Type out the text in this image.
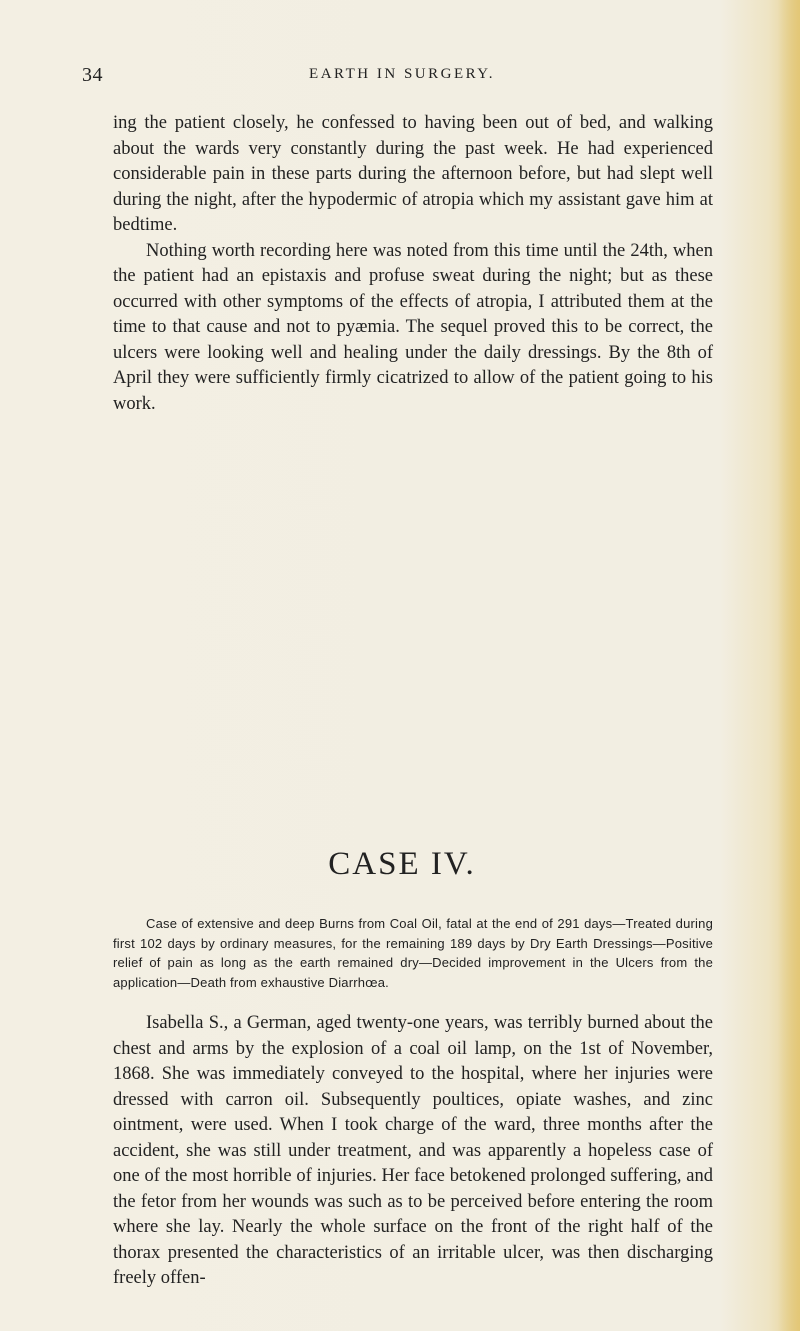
34	EARTH IN SURGERY.

ing the patient closely, he confessed to having been out of bed, and walking about the wards very constantly during the past week. He had experienced considerable pain in these parts during the afternoon before, but had slept well during the night, after the hypodermic of atropia which my assistant gave him at bedtime.

Nothing worth recording here was noted from this time until the 24th, when the patient had an epistaxis and profuse sweat during the night; but as these occurred with other symptoms of the effects of atropia, I attributed them at the time to that cause and not to pyæmia. The sequel proved this to be correct, the ulcers were looking well and healing under the daily dressings. By the 8th of April they were sufficiently firmly cicatrized to allow of the patient going to his work.

CASE IV.

Case of extensive and deep Burns from Coal Oil, fatal at the end of 291 days—Treated during first 102 days by ordinary measures, for the remaining 189 days by Dry Earth Dressings—Positive relief of pain as long as the earth remained dry—Decided improvement in the Ulcers from the application—Death from exhaustive Diarrhœa.

Isabella S., a German, aged twenty-one years, was terribly burned about the chest and arms by the explosion of a coal oil lamp, on the 1st of November, 1868. She was immediately conveyed to the hospital, where her injuries were dressed with carron oil. Subsequently poultices, opiate washes, and zinc ointment, were used. When I took charge of the ward, three months after the accident, she was still under treatment, and was apparently a hopeless case of one of the most horrible of injuries. Her face betokened prolonged suffering, and the fetor from her wounds was such as to be perceived before entering the room where she lay. Nearly the whole surface on the front of the right half of the thorax presented the characteristics of an irritable ulcer, was then discharging freely offen-
